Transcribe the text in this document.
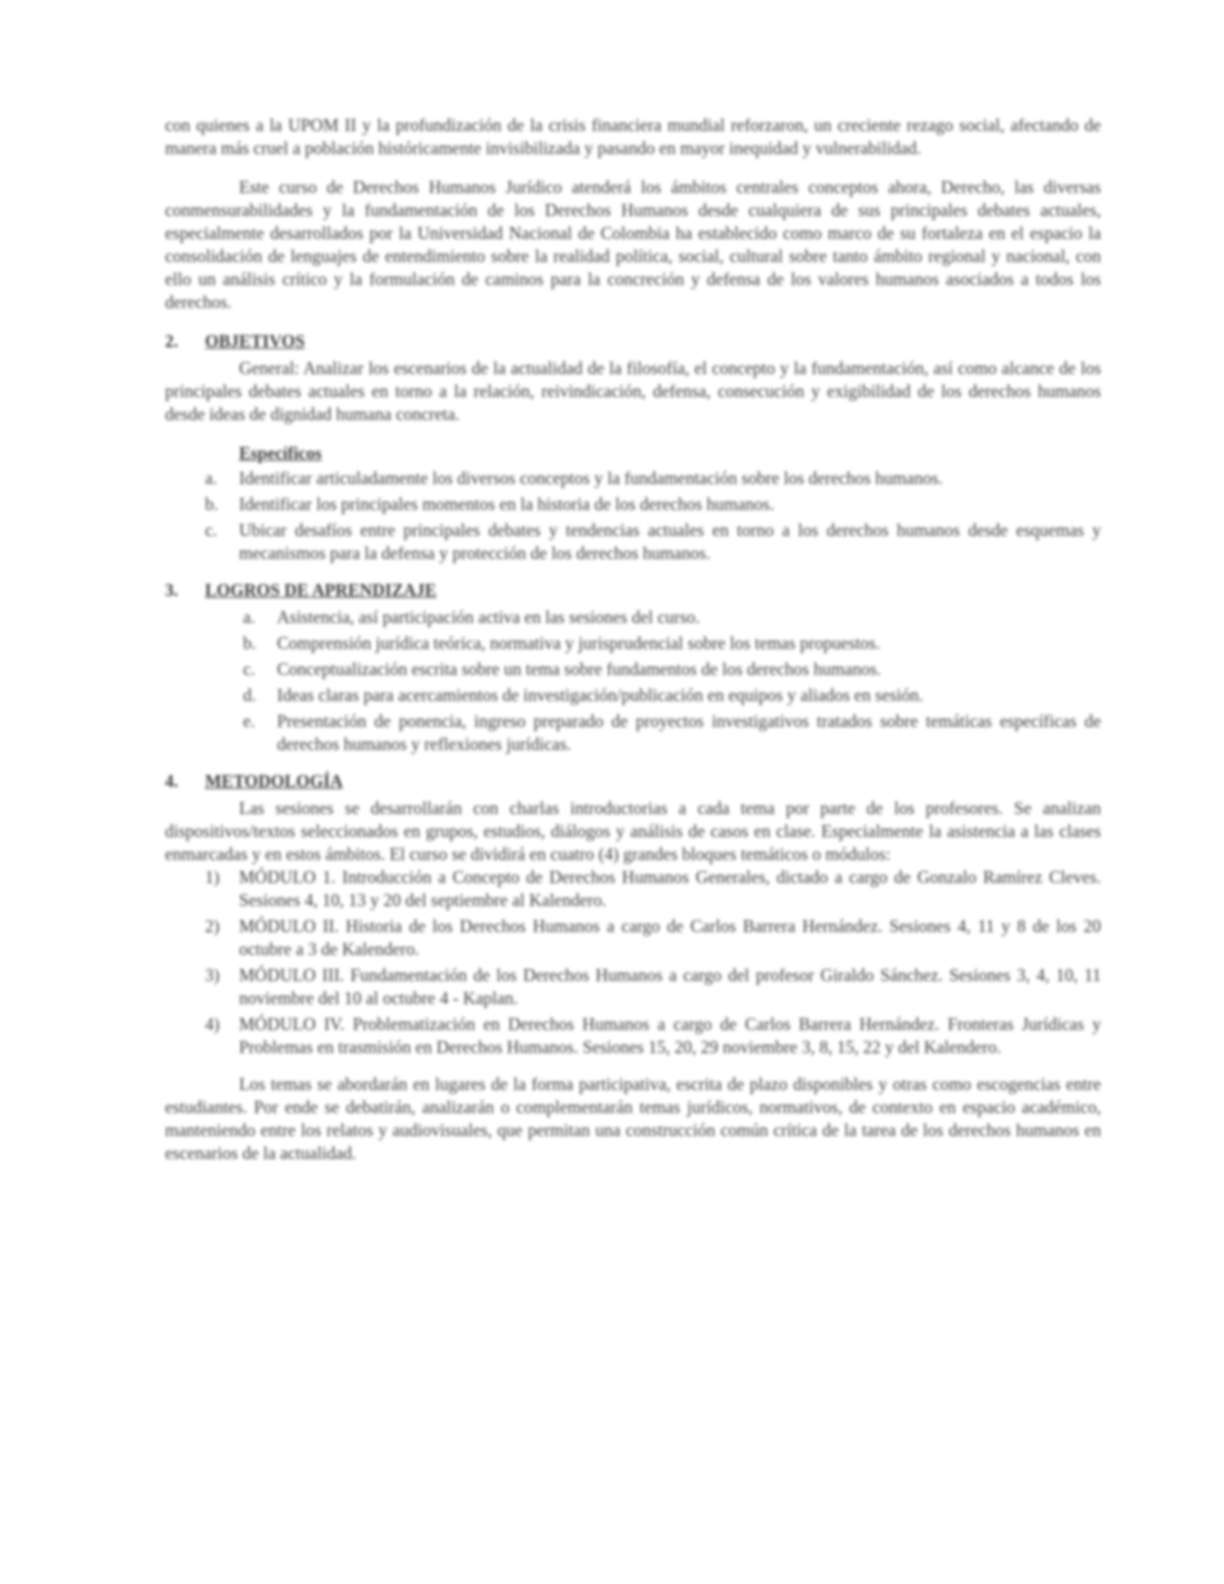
con quienes a la UPOM II y la profundización de la crisis financiera mundial reforzaron, un creciente rezago social, afectando de manera más cruel a población históricamente invisibilizada y pasando en mayor inequidad y vulnerabilidad.

Este curso de Derechos Humanos Jurídico atenderá los ámbitos centrales conceptos ahora, Derecho, las diversas conmensurabilidades y la fundamentación de los Derechos Humanos desde cualquiera de sus principales debates actuales, especialmente desarrollados por la Universidad Nacional de Colombia ha establecido como marco de su fortaleza en el espacio la consolidación de lenguajes de entendimiento sobre la realidad política, social, cultural sobre tanto ámbito regional y nacional, con ello un análisis crítico y la formulación de caminos para la concreción y defensa de los valores humanos asociados a todos los derechos.

2. OBJETIVOS

General: Analizar los escenarios de la actualidad de la filosofía, el concepto y la fundamentación, así como alcance de los principales debates actuales en torno a la relación, reivindicación, defensa, consecución y exigibilidad de los derechos humanos desde ideas de dignidad humana concreta.

Específicos

a. Identificar articuladamente los diversos conceptos y la fundamentación sobre los derechos humanos.
b. Identificar los principales momentos en la historia de los derechos humanos.
c. Ubicar desafíos entre principales debates y tendencias actuales en torno a los derechos humanos desde esquemas y mecanismos para la defensa y protección de los derechos humanos.

3. LOGROS DE APRENDIZAJE

a. Asistencia, así participación activa en las sesiones del curso.
b. Comprensión jurídica teórica, normativa y jurisprudencial sobre los temas propuestos.
c. Conceptualización escrita sobre un tema sobre fundamentos de los derechos humanos.
d. Ideas claras para acercamientos de investigación/publicación en equipos y aliados en sesión.
e. Presentación de ponencia, ingreso preparado de proyectos investigativos tratados sobre temáticas específicas de derechos humanos y reflexiones jurídicas.

4. METODOLOGÍA

Las sesiones se desarrollarán con charlas introductorias a cada tema por parte de los profesores. Se analizan dispositivos/textos seleccionados en grupos, estudios, diálogos y análisis de casos en clase. Especialmente la asistencia a las clases enmarcadas y en estos ámbitos. El curso se dividirá en cuatro (4) grandes bloques temáticos o módulos:

1) MÓDULO 1. Introducción a Concepto de Derechos Humanos Generales, dictado a cargo de Gonzalo Ramírez Cleves. Sesiones 4, 10, 13 y 20 del septiembre al Kalendero.
2) MÓDULO II. Historia de los Derechos Humanos a cargo de Carlos Barrera Hernández. Sesiones 4, 11 y 8 de los 20 octubre a 3 de Kalendero.
3) MÓDULO III. Fundamentación de los Derechos Humanos a cargo del profesor Giraldo Sánchez. Sesiones 3, 4, 10, 11 noviembre del 10 al octubre 4 - Kaplan.
4) MÓDULO IV. Problematización en Derechos Humanos a cargo de Carlos Barrera Hernández. Fronteras Jurídicas y Problemas en trasmisión en Derechos Humanos. Sesiones 15, 20, 29 noviembre 3, 8, 15, 22 y del Kalendero.

Los temas se abordarán en lugares de la forma participativa, escrita de plazo disponibles y otras como escogencias entre estudiantes. Por ende se debatirán, analizarán o complementarán temas jurídicos, normativos, de contexto en espacio académico, manteniendo entre los relatos y audiovisuales, que permitan una construcción común crítica de la tarea de los derechos humanos en escenarios de la actualidad.
